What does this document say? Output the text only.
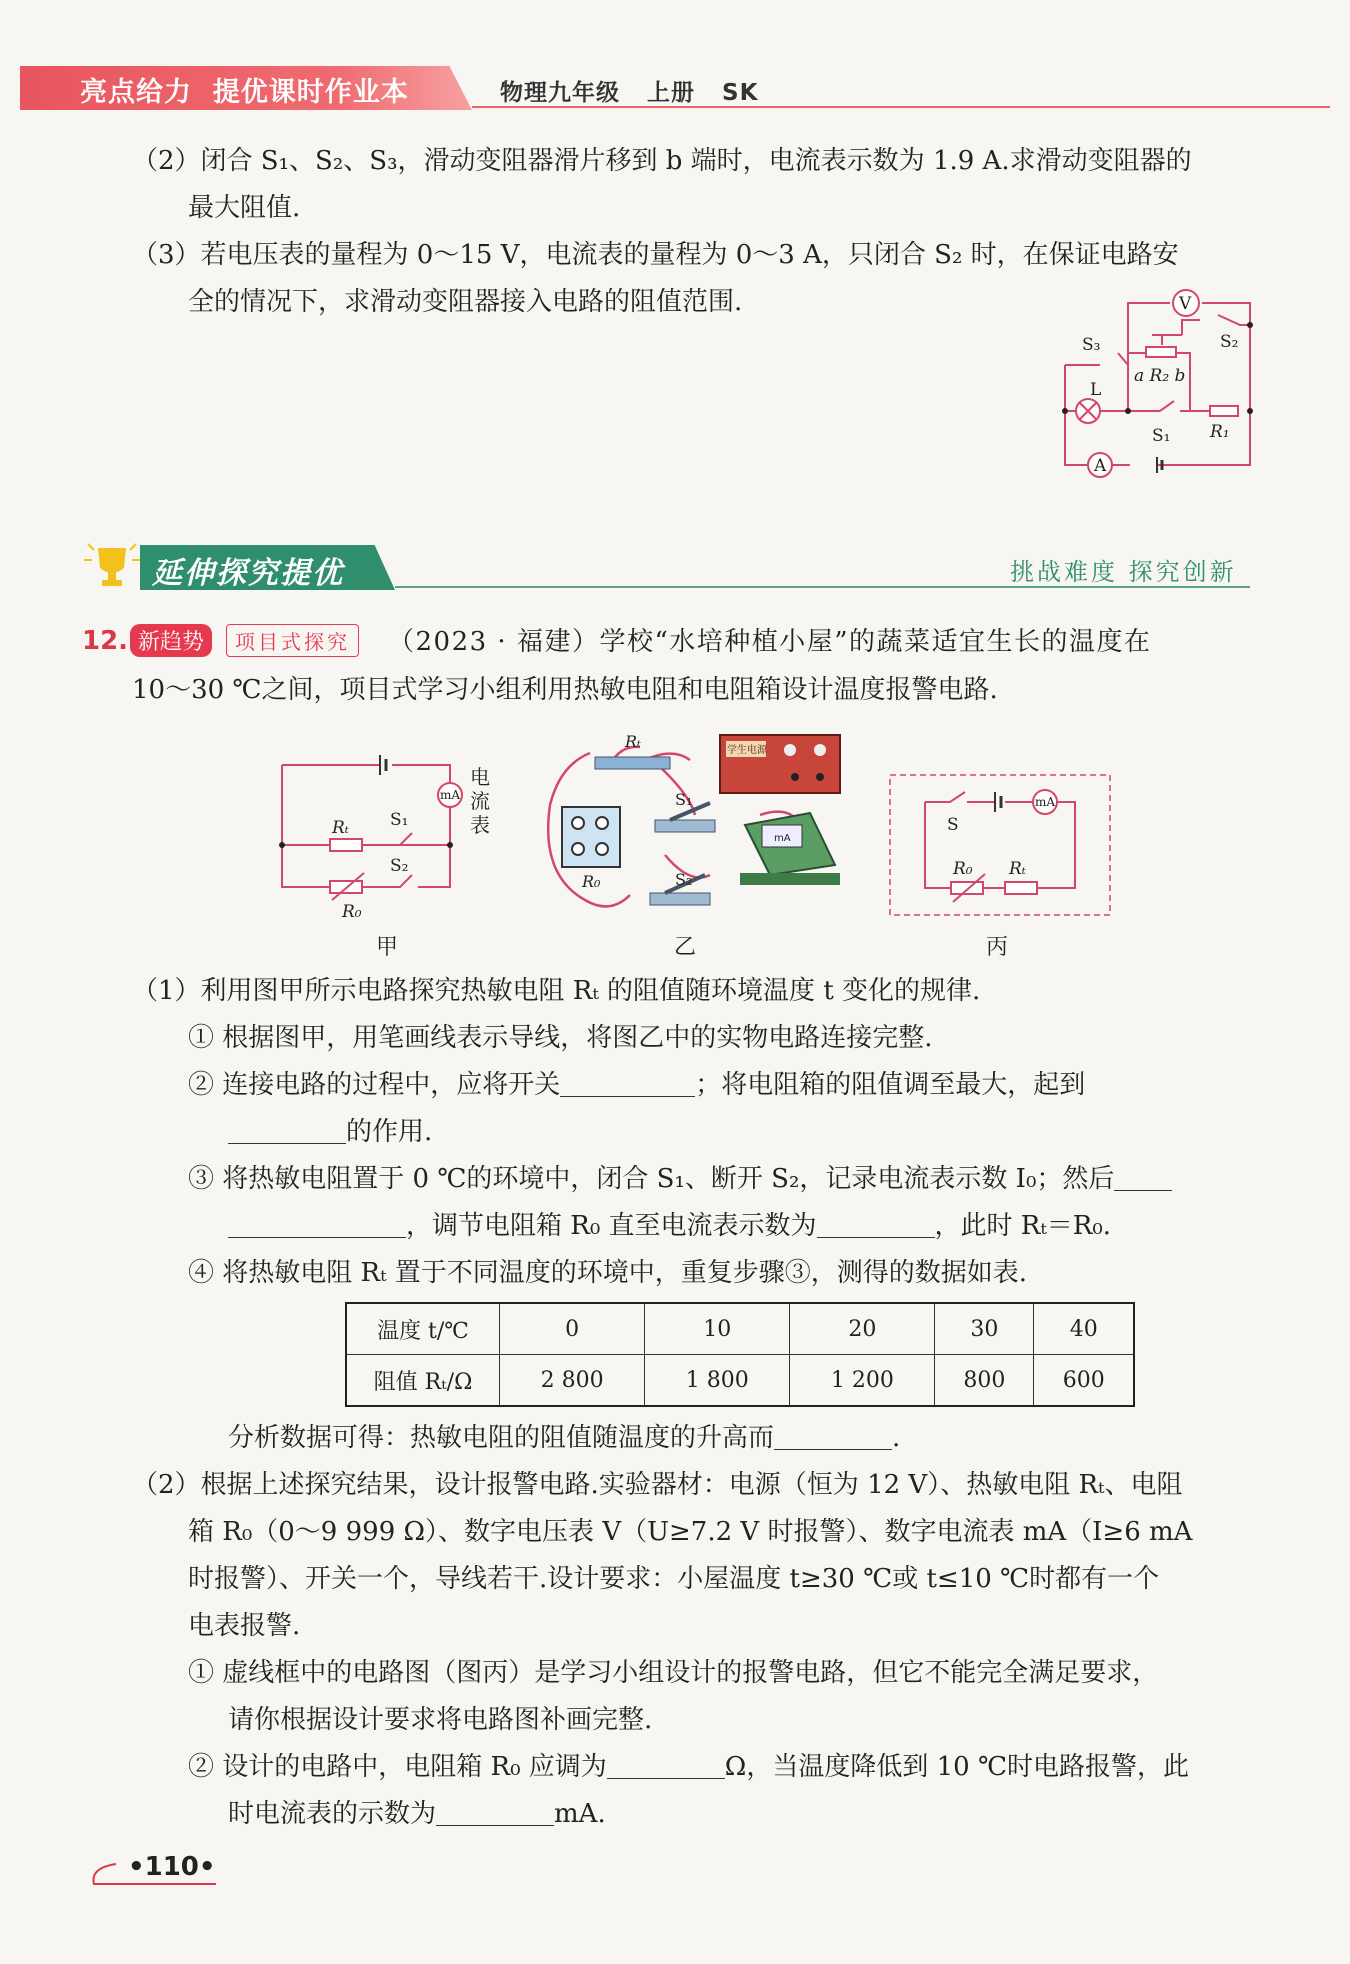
亮点给力  提优课时作业本	物理九年级   上册   SK
（2）闭合 S₁、S₂、S₃，滑动变阻器滑片移到 b 端时，电流表示数为 1.9 A.求滑动变阻器的
最大阻值.
（3）若电压表的量程为 0～15 V，电流表的量程为 0～3 A，只闭合 S₂ 时，在保证电路安
全的情况下，求滑动变阻器接入电路的阻值范围.	V
A
S₃	S₂
S₁
L
a R₂ b
R₁
延伸探究提优	挑战难度 探究创新
12. 新趋势	项目式探究	（2023 · 福建）学校“水培种植小屋”的蔬菜适宜生长的温度在
10～30 ℃之间，项目式学习小组利用热敏电阻和电阻箱设计温度报警电路.
mA
Rₜ S₁
S₂
R₀
电流表
甲
Rₜ
R₀
S₁
S₂
学生电源
mA
乙
mA
S
R₀ Rₜ
丙
（1）利用图甲所示电路探究热敏电阻 Rₜ 的阻值随环境温度 t 变化的规律.
① 根据图甲，用笔画线表示导线，将图乙中的实物电路连接完整.
② 连接电路的过程中，应将开关	；将电阻箱的阻值调至最大，起到
的作用.
③ 将热敏电阻置于 0 ℃的环境中，闭合 S₁、断开 S₂，记录电流表示数 I₀；然后
，调节电阻箱 R₀ 直至电流表示数为	，此时 Rₜ＝R₀.
④ 将热敏电阻 Rₜ 置于不同温度的环境中，重复步骤③，测得的数据如表.
温度 t/℃	0	10	20	30	40
阻值 Rₜ/Ω	2 800	1 800	1 200	800	600
分析数据可得：热敏电阻的阻值随温度的升高而	.
（2）根据上述探究结果，设计报警电路.实验器材：电源（恒为 12 V）、热敏电阻 Rₜ、电阻
箱 R₀（0～9 999 Ω）、数字电压表 V（U≥7.2 V 时报警）、数字电流表 mA（I≥6 mA
时报警）、开关一个，导线若干.设计要求：小屋温度 t≥30 ℃或 t≤10 ℃时都有一个
电表报警.
① 虚线框中的电路图（图丙）是学习小组设计的报警电路，但它不能完全满足要求，
请你根据设计要求将电路图补画完整.
② 设计的电路中，电阻箱 R₀ 应调为	Ω，当温度降低到 10 ℃时电路报警，此
时电流表的示数为	mA.
•110•
